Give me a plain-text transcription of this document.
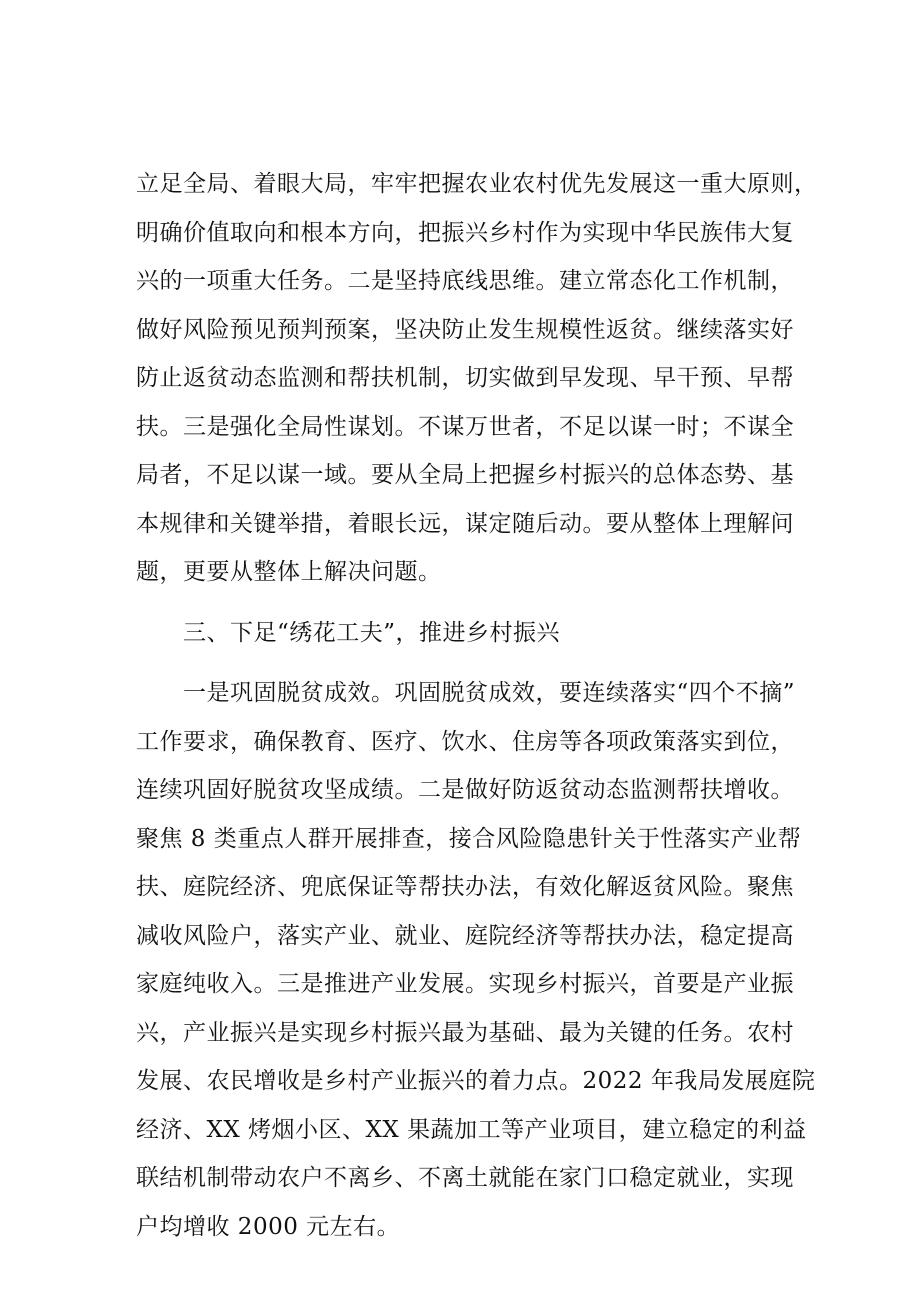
立足全局、着眼大局，牢牢把握农业农村优先发展这一重大原则，
明确价值取向和根本方向，把振兴乡村作为实现中华民族伟大复
兴的一项重大任务。二是坚持底线思维。建立常态化工作机制，
做好风险预见预判预案，坚决防止发生规模性返贫。继续落实好
防止返贫动态监测和帮扶机制，切实做到早发现、早干预、早帮
扶。三是强化全局性谋划。不谋万世者，不足以谋一时；不谋全
局者，不足以谋一域。要从全局上把握乡村振兴的总体态势、基
本规律和关键举措，着眼长远，谋定随后动。要从整体上理解问
题，更要从整体上解决问题。
　　三、下足“绣花工夫”，推进乡村振兴
　　一是巩固脱贫成效。巩固脱贫成效，要连续落实“四个不摘”
工作要求，确保教育、医疗、饮水、住房等各项政策落实到位，
连续巩固好脱贫攻坚成绩。二是做好防返贫动态监测帮扶增收。
聚焦 8 类重点人群开展排查，接合风险隐患针关于性落实产业帮
扶、庭院经济、兜底保证等帮扶办法，有效化解返贫风险。聚焦
减收风险户，落实产业、就业、庭院经济等帮扶办法，稳定提高
家庭纯收入。三是推进产业发展。实现乡村振兴，首要是产业振
兴，产业振兴是实现乡村振兴最为基础、最为关键的任务。农村
发展、农民增收是乡村产业振兴的着力点。2022 年我局发展庭院
经济、XX 烤烟小区、XX 果蔬加工等产业项目，建立稳定的利益
联结机制带动农户不离乡、不离土就能在家门口稳定就业，实现
户均增收 2000 元左右。
